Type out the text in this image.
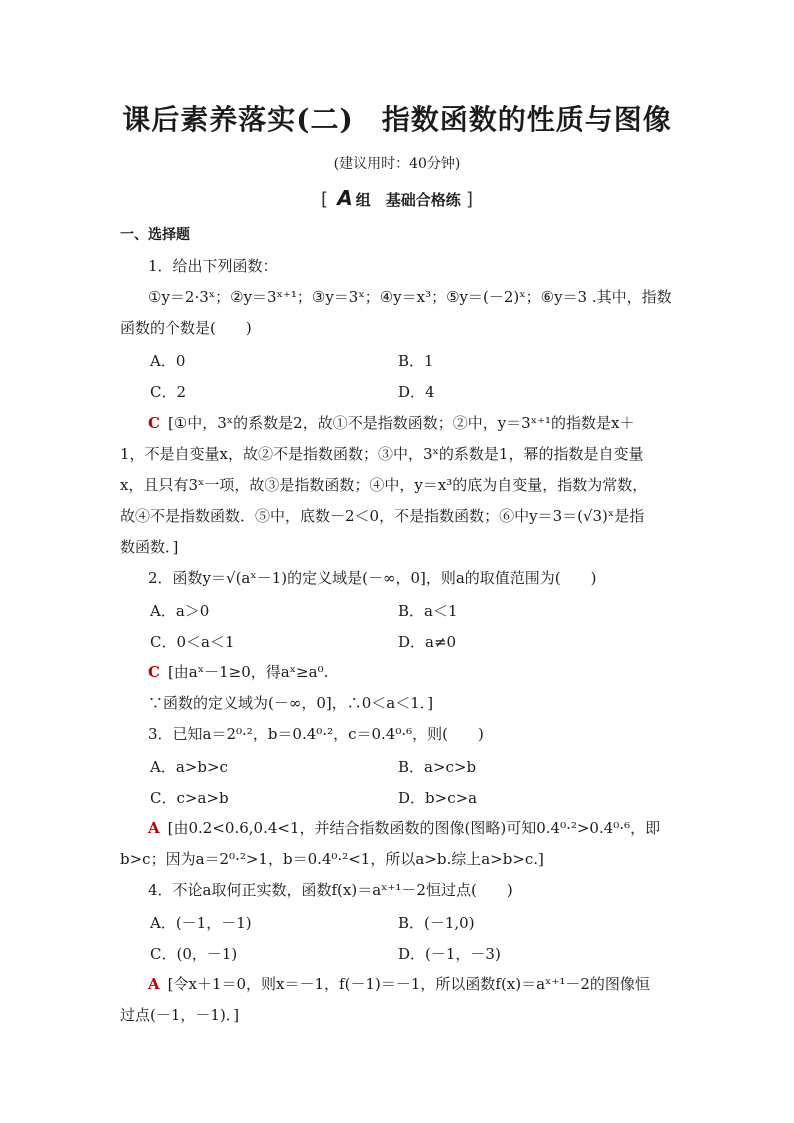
课后素养落实(二) 指数函数的性质与图像
(建议用时：40分钟)
[ A 组　基础合格练 ]
一、选择题
1．给出下列函数：
①y＝2·3ˣ；②y＝3ˣ⁺¹；③y＝3ˣ；④y＝x³；⑤y＝(－2)ˣ；⑥y＝3 .其中，指数
函数的个数是(　　)
A．0	B．1
C．2	D．4
C [①中，3ˣ的系数是2，故①不是指数函数；②中，y＝3ˣ⁺¹的指数是x＋
1，不是自变量x，故②不是指数函数；③中，3ˣ的系数是1，幂的指数是自变量
x，且只有3ˣ一项，故③是指数函数；④中，y＝x³的底为自变量，指数为常数，
故④不是指数函数．⑤中，底数－2＜0，不是指数函数；⑥中y＝3＝(√3)ˣ是指
数函数．]
2．函数y＝√(aˣ－1)的定义域是(－∞，0]，则a的取值范围为(　　)
A．a＞0	B．a＜1
C．0＜a＜1	D．a≠0
C [由aˣ－1≥0，得aˣ≥a⁰.
∵函数的定义域为(－∞，0]，∴0＜a＜1．]
3．已知a＝2⁰·²，b＝0.4⁰·²，c＝0.4⁰·⁶，则(　　)
A．a>b>c	B．a>c>b
C．c>a>b	D．b>c>a
A [由0.2<0.6,0.4<1，并结合指数函数的图像(图略)可知0.4⁰·²>0.4⁰·⁶，即
b>c；因为a＝2⁰·²>1，b＝0.4⁰·²<1，所以a>b.综上a>b>c.]
4．不论a取何正实数，函数f(x)＝aˣ⁺¹－2恒过点(　　)
A．(－1，－1)	B．(－1,0)
C．(0，－1)	D．(－1，－3)
A [令x＋1＝0，则x＝－1，f(－1)＝－1，所以函数f(x)＝aˣ⁺¹－2的图像恒
过点(－1，－1)．]
